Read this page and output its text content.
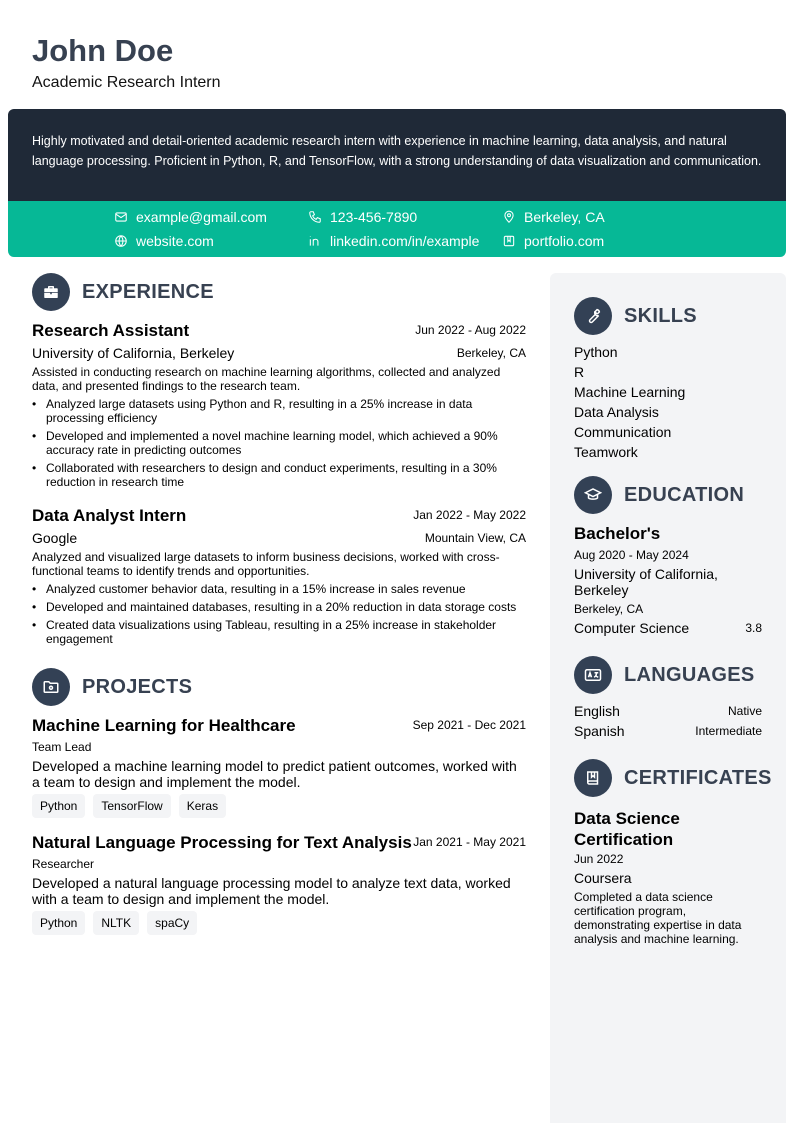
John Doe
Academic Research Intern
Highly motivated and detail-oriented academic research intern with experience in machine learning, data analysis, and natural language processing. Proficient in Python, R, and TensorFlow, with a strong understanding of data visualization and communication.
example@gmail.com	123-456-7890	Berkeley, CA
website.com	linkedin.com/in/example	portfolio.com
EXPERIENCE
Research Assistant	Jun 2022 - Aug 2022
University of California, Berkeley	Berkeley, CA
Assisted in conducting research on machine learning algorithms, collected and analyzed data, and presented findings to the research team.
• Analyzed large datasets using Python and R, resulting in a 25% increase in data processing efficiency
• Developed and implemented a novel machine learning model, which achieved a 90% accuracy rate in predicting outcomes
• Collaborated with researchers to design and conduct experiments, resulting in a 30% reduction in research time
Data Analyst Intern	Jan 2022 - May 2022
Google	Mountain View, CA
Analyzed and visualized large datasets to inform business decisions, worked with cross-functional teams to identify trends and opportunities.
• Analyzed customer behavior data, resulting in a 15% increase in sales revenue
• Developed and maintained databases, resulting in a 20% reduction in data storage costs
• Created data visualizations using Tableau, resulting in a 25% increase in stakeholder engagement
PROJECTS
Machine Learning for Healthcare	Sep 2021 - Dec 2021
Team Lead
Developed a machine learning model to predict patient outcomes, worked with a team to design and implement the model.
Python	TensorFlow	Keras
Natural Language Processing for Text Analysis Jan 2021 - May 2021
Researcher
Developed a natural language processing model to analyze text data, worked with a team to design and implement the model.
Python	NLTK	spaCy
SKILLS
Python
R
Machine Learning
Data Analysis
Communication
Teamwork
EDUCATION
Bachelor's
Aug 2020 - May 2024
University of California, Berkeley
Berkeley, CA
Computer Science	3.8
LANGUAGES
English	Native
Spanish	Intermediate
CERTIFICATES
Data Science Certification
Jun 2022
Coursera
Completed a data science certification program, demonstrating expertise in data analysis and machine learning.
